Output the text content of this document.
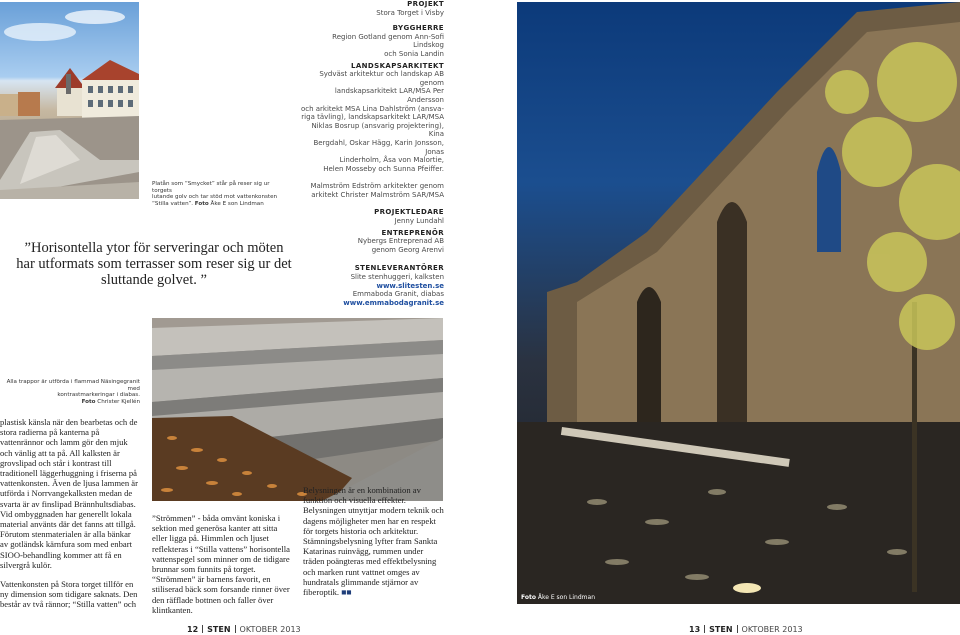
PROJEKT
Stora Torget i Visby
BYGGHERRE
Region Gotland genom Ann-Sofi Lindskog
och Sonia Landin
LANDSKAPSARKITEKT
Sydväst arkitektur och landskap AB genom
landskapsarkitekt LAR/MSA Per Andersson
och arkitekt MSA Lina Dahlström (ansva-
riga tävling), landskapsarkitekt LAR/MSA
Niklas Bosrup (ansvarig projektering), Kina
Bergdahl, Oskar Hägg, Karin Jonsson, Jonas
Linderholm, Åsa von Malortie,
Helen Mosseby och Sunna Pfeiffer.
Malmström Edström arkitekter genom
arkitekt Christer Malmström SAR/MSA
PROJEKTLEDARE
Jenny Lundahl
ENTREPRENÖR
Nybergs Entreprenad AB
genom Georg Arenvi
STENLEVERANTÖRER
Slite stenhuggeri, kalksten
www.slitesten.se
Emmaboda Granit, diabas
www.emmabodagranit.se
Platån som “Smycket” står på reser sig ur torgets
lutande golv och tar stöd mot vattenkonsten
“Stilla vatten”. Foto Åke E son Lindman
”Horisontella ytor för serveringar och möten har utformats som terrasser som reser sig ur det sluttande golvet. ”
Alla trappor är utförda i flammad Näsingegranit med
kontrastmarkeringar i diabas.
Foto Christer Kjellén

plastisk känsla när den bearbetas och de stora radierna på kanterna på vattenrännor och lamm gör den mjuk och vänlig att ta på. All kalksten är grovslipad och står i kontrast till traditionell läggerhuggning i friserna på vattenkonsten. Även de ljusa lammen är utförda i Norrvangekalksten medan de svarta är av finslipad Brännhultsdiabas. Vid ombyggnaden har generellt lokala material använts där det fanns att tillgå. Förutom stenmaterialen är alla bänkar av gotländsk kärnfura som med enbart SIOO-behandling kommer att få en silvergrå kulör.

Vattenkonsten på Stora torget tillför en ny dimension som tidigare saknats. Den består av två rännor; “Stilla vatten” och

”Strömmen” - båda omvänt koniska i sektion med generösa kanter att sitta eller ligga på. Himmlen och ljuset reflekteras i “Stilla vattens” horisontella vattenspegel som minner om de tidigare brunnar som funnits på torget. “Strömmen” är barnens favorit, en stiliserad bäck som forsande rinner över den räfflade bottnen och faller över klintkanten.

Belysningen är en kombination av funktion och visuella effekter. Belysningen utnyttjar modern teknik och dagens möjligheter men har en respekt för torgets historia och arkitektur. Stämningsbelysning lyfter fram Sankta Katarinas ruinvägg, rummen under träden poängteras med effektbelysning och marken runt vattnet omges av hundratals glimmande stjärnor av fiberoptik. ■■

Foto Åke E son Lindman
12 STEN OKTOBER 2013	13 STEN OKTOBER 2013
